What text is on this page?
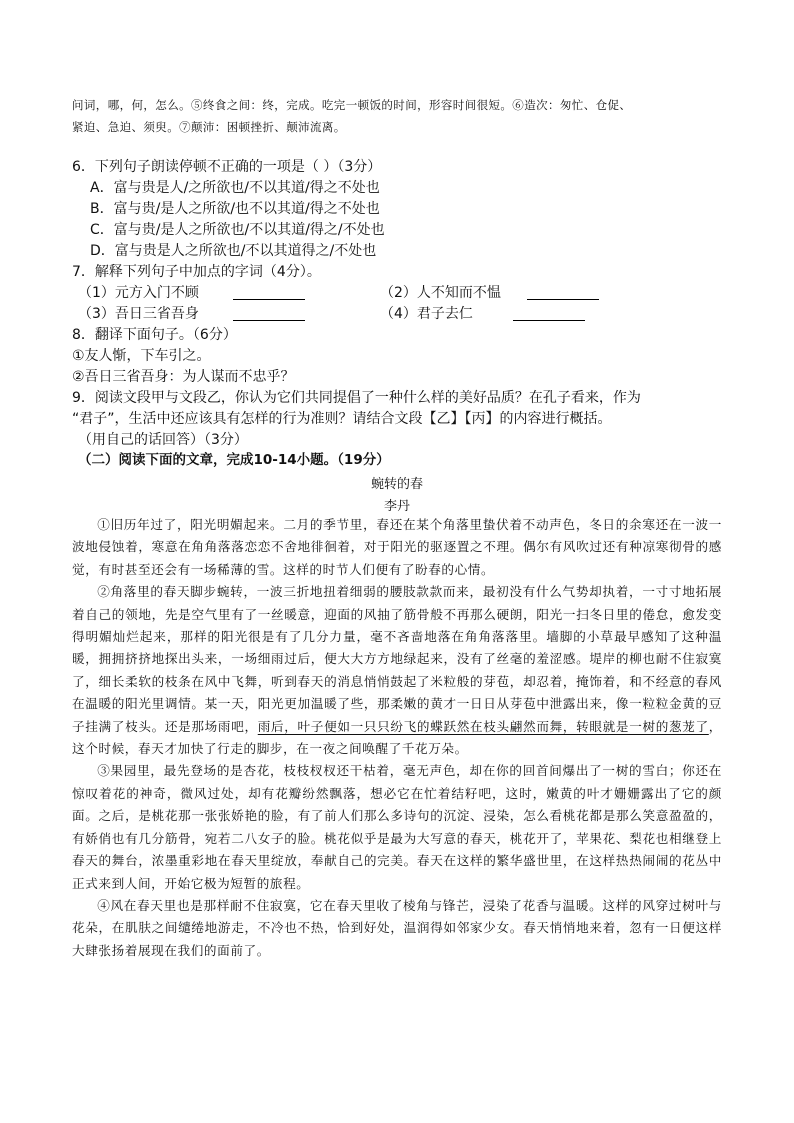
问词，哪，何，怎么。⑤终食之间：终，完成。吃完一顿饭的时间，形容时间很短。⑥造次：匆忙、仓促、
紧迫、急迫、须臾。⑦颠沛：困顿挫折、颠沛流离。
6．下列句子朗读停顿不正确的一项是（ ）（3分）
A．富与贵是人/之所欲也/不以其道/得之不处也
B．富与贵/是人之所欲/也不以其道/得之不处也
C．富与贵/是人之所欲也/不以其道/得之/不处也
D．富与贵是人之所欲也/不以其道得之/不处也
7．解释下列句子中加点的字词（4分）。
（1）元方入门不顾	（2）人不知而不愠
（3）吾日三省吾身	（4）君子去仁
8．翻译下面句子。（6分）
①友人惭，下车引之。
②吾日三省吾身：为人谋而不忠乎？
9．阅读文段甲与文段乙，你认为它们共同提倡了一种什么样的美好品质？在孔子看来，作为
“君子”，生活中还应该具有怎样的行为准则？请结合文段【乙】【丙】的内容进行概括。
（用自己的话回答）（3分）
（二）阅读下面的文章，完成10-14小题。（19分）
蜿转的春
李丹

①旧历年过了，阳光明媚起来。二月的季节里，春还在某个角落里蛰伏着不动声色，冬日的余寒还在一波一波地侵蚀着，寒意在角角落落恋恋不舍地徘徊着，对于阳光的驱逐置之不理。偶尔有风吹过还有种凉寒彻骨的感觉，有时甚至还会有一场稀薄的雪。这样的时节人们便有了盼春的心情。

②角落里的春天脚步蜿转，一波三折地扭着细弱的腰肢款款而来，最初没有什么气势却执着，一寸寸地拓展着自己的领地，先是空气里有了一丝暖意，迎面的风抽了筋骨般不再那么硬朗，阳光一扫冬日里的倦怠，愈发变得明媚灿烂起来，那样的阳光很是有了几分力量，毫不吝啬地落在角角落落里。墙脚的小草最早感知了这种温暖，拥拥挤挤地探出头来，一场细雨过后，便大大方方地绿起来，没有了丝毫的羞涩感。堤岸的柳也耐不住寂寞了，细长柔软的枝条在风中飞舞，听到春天的消息悄悄鼓起了米粒般的芽苞，却忍着，掩饰着，和不经意的春风在温暖的阳光里调情。某一天，阳光更加温暖了些，那柔嫩的黄才一日日从芽苞中泄露出来，像一粒粒金黄的豆子挂满了枝头。还是那场雨吧，雨后，叶子便如一只只纷飞的蝶跃然在枝头翩然而舞，转眼就是一树的葱茏了，这个时候，春天才加快了行走的脚步，在一夜之间唤醒了千花万朵。

③果园里，最先登场的是杏花，枝枝杈杈还干枯着，毫无声色，却在你的回首间爆出了一树的雪白；你还在惊叹着花的神奇，微风过处，却有花瓣纷然飘落，想必它在忙着结籽吧，这时，嫩黄的叶才姗姗露出了它的颜面。之后，是桃花那一张张娇艳的脸，有了前人们那么多诗句的沉淀、浸染，怎么看桃花都是那么笑意盈盈的，有娇俏也有几分筋骨，宛若二八女子的脸。桃花似乎是最为大写意的春天，桃花开了，苹果花、梨花也相继登上春天的舞台，浓墨重彩地在春天里绽放，奉献自己的完美。春天在这样的繁华盛世里，在这样热热闹闹的花丛中正式来到人间，开始它极为短暂的旅程。

④风在春天里也是那样耐不住寂寞，它在春天里收了棱角与锋芒，浸染了花香与温暖。这样的风穿过树叶与花朵，在肌肤之间缱绻地游走，不冷也不热，恰到好处，温润得如邻家少女。春天悄悄地来着，忽有一日便这样大肆张扬着展现在我们的面前了。
